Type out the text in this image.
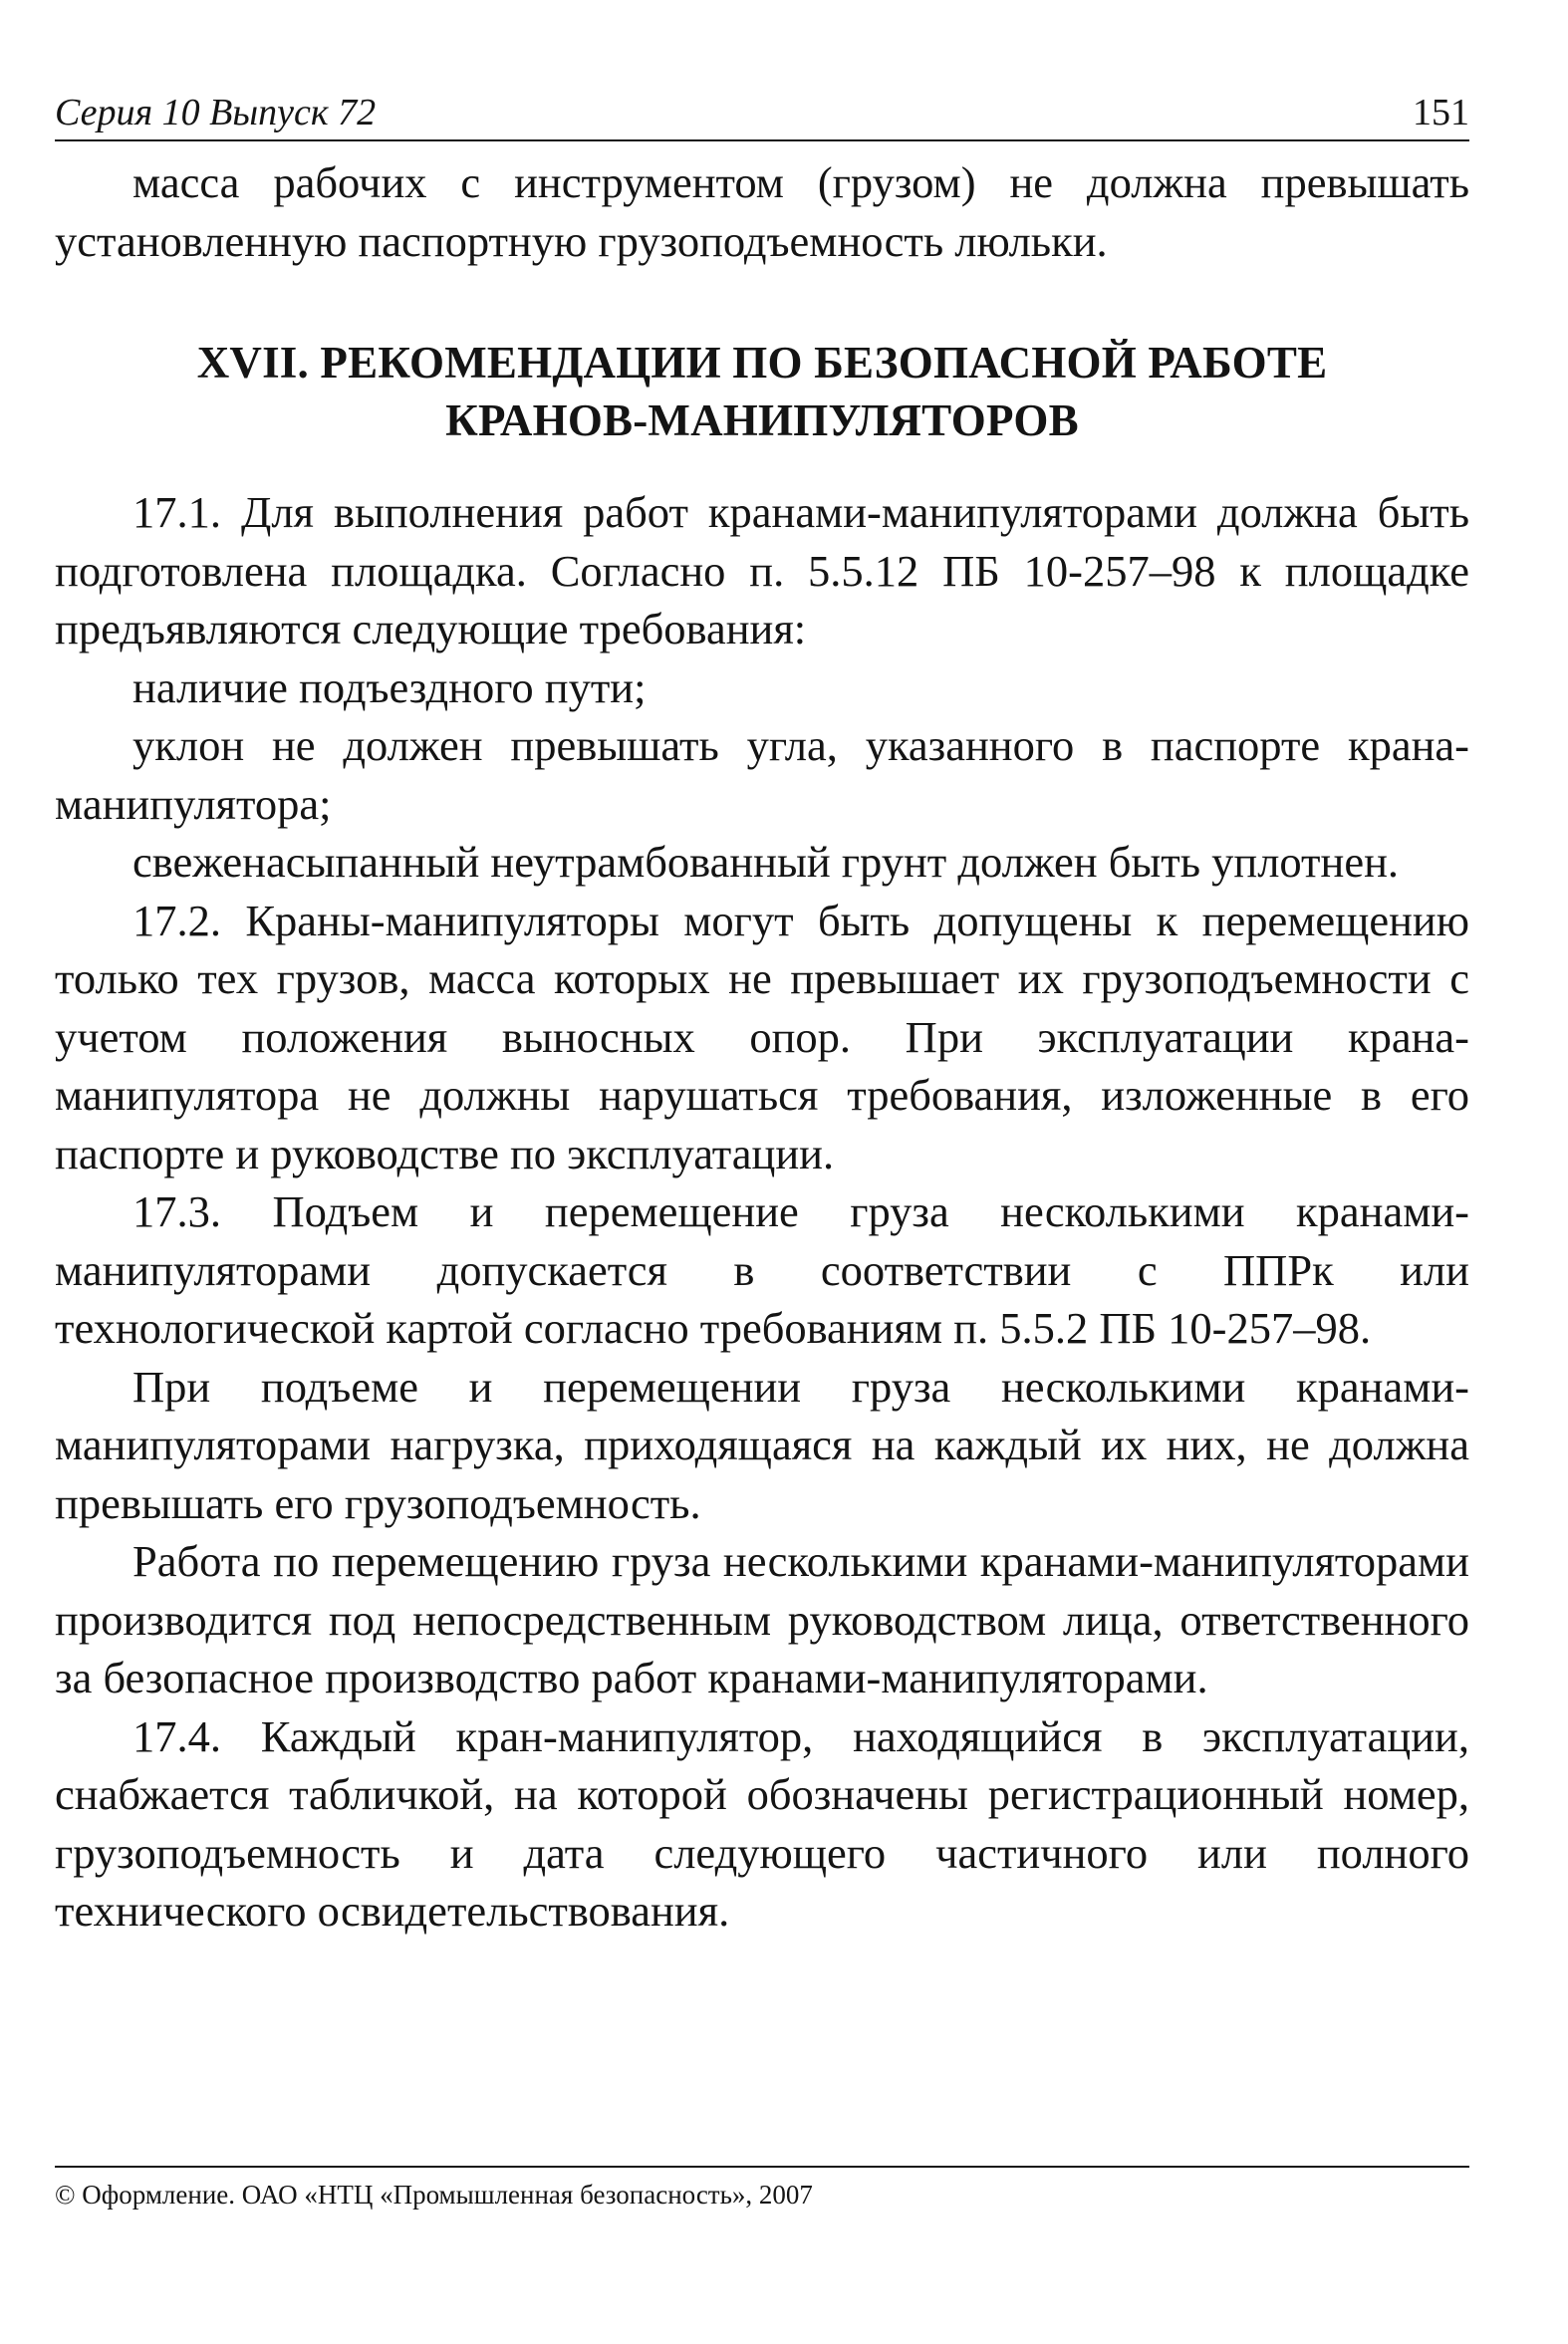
Серия 10 Выпуск 72	151

масса рабочих с инструментом (грузом) не должна превышать установленную паспортную грузоподъемность люльки.

XVII. РЕКОМЕНДАЦИИ ПО БЕЗОПАСНОЙ РАБОТЕ
КРАНОВ-МАНИПУЛЯТОРОВ

17.1. Для выполнения работ кранами-манипуляторами должна быть подготовлена площадка. Согласно п. 5.5.12 ПБ 10-257–98 к площадке предъявляются следующие требования:

наличие подъездного пути;

уклон не должен превышать угла, указанного в паспорте крана-манипулятора;

свеженасыпанный неутрамбованный грунт должен быть уплотнен.

17.2. Краны-манипуляторы могут быть допущены к перемещению только тех грузов, масса которых не превышает их грузоподъемности с учетом положения выносных опор. При эксплуатации крана-манипулятора не должны нарушаться требования, изложенные в его паспорте и руководстве по эксплуатации.

17.3. Подъем и перемещение груза несколькими кранами-манипуляторами допускается в соответствии с ППРк или технологической картой согласно требованиям п. 5.5.2 ПБ 10-257–98.

При подъеме и перемещении груза несколькими кранами-манипуляторами нагрузка, приходящаяся на каждый их них, не должна превышать его грузоподъемность.

Работа по перемещению груза несколькими кранами-манипуляторами производится под непосредственным руководством лица, ответственного за безопасное производство работ кранами-манипуляторами.

17.4. Каждый кран-манипулятор, находящийся в эксплуатации, снабжается табличкой, на которой обозначены регистрационный номер, грузоподъемность и дата следующего частичного или полного технического освидетельствования.

© Оформление. ОАО «НТЦ «Промышленная безопасность», 2007
